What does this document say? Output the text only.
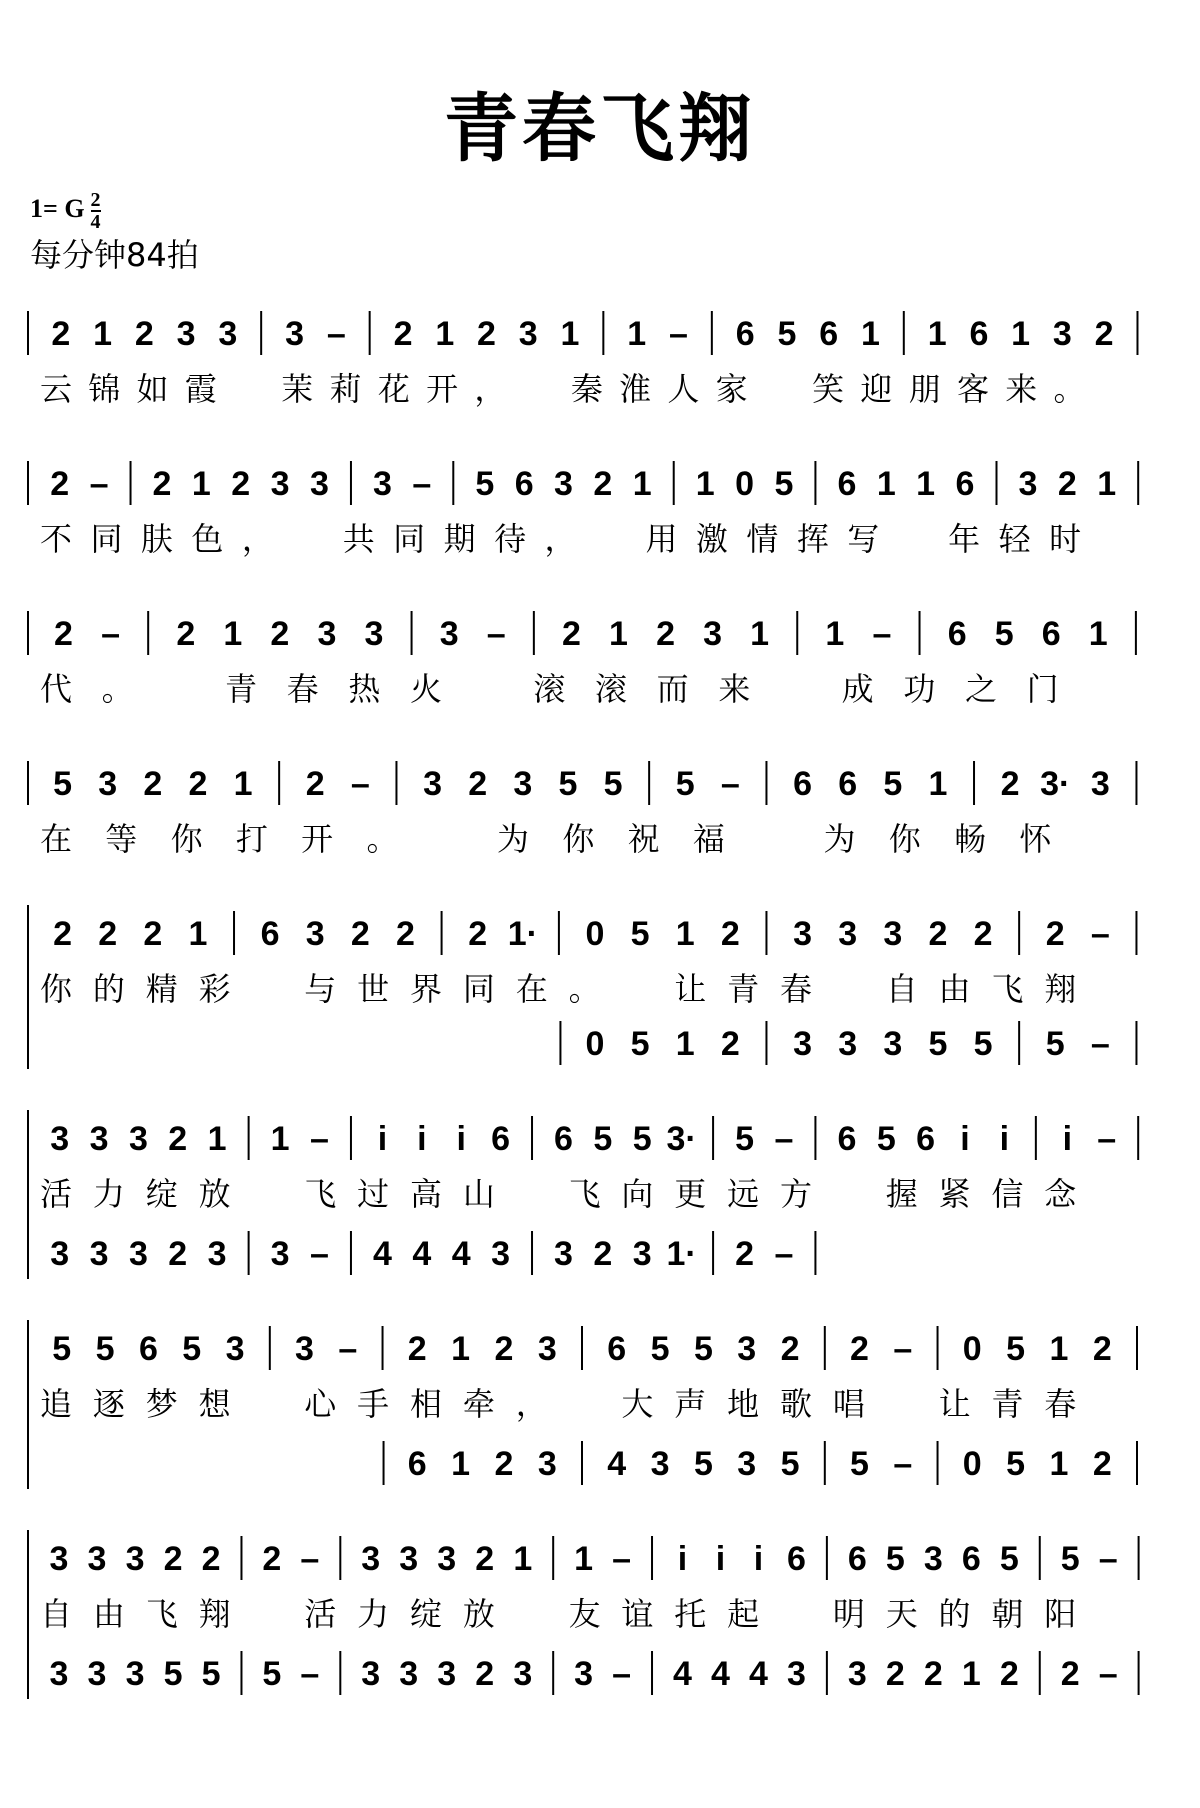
青春飞翔
1= G $\frac{2}{4}$
每分钟84拍
2 1 2 3 3 3 – 2 1 2 3 1 1 – 6 5 6 1 1 6 1 3 2
云锦如霞 茉莉花开， 秦淮人家 笑迎朋客来。
2 – 2 1 2 3 3 3 – 5 6 3 2 1 1 0 5 6 1 1 6 3 2 1
不同肤色， 共同期待， 用激情挥写 年轻时
2 – 2 1 2 3 3 3 – 2 1 2 3 1 1 – 6 5 6 1
代。 青春热火 滚滚而来 成功之门
5 3 2 2 1 2 – 3 2 3 5 5 5 – 6 6 5 1 2 3· 3
在等你打开。 为你祝福 为你畅怀
2 2 2 1 6 3 2 2 2 1· 0 5 1 2 3 3 3 2 2 2 –
你的精彩 与世界同在。 让青春 自由飞翔
0 5 1 2 3 3 3 5 5 5 –
3 3 3 2 1 1 – i i i 6 6 5 5 3· 5 – 6 5 6 i i i –
活力绽放 飞过高山 飞向更远方 握紧信念
3 3 3 2 3 3 – 4 4 4 3 3 2 3 1· 2 –
5 5 6 5 3 3 – 2 1 2 3 6 5 5 3 2 2 – 0 5 1 2
追逐梦想 心手相牵， 大声地歌唱 让青春
6 1 2 3 4 3 5 3 5 5 – 0 5 1 2
3 3 3 2 2 2 – 3 3 3 2 1 1 – i i i 6 6 5 3 6 5 5 –
自由飞翔 活力绽放 友谊托起 明天的朝阳
3 3 3 5 5 5 – 3 3 3 2 3 3 – 4 4 4 3 3 2 2 1 2 2 –
